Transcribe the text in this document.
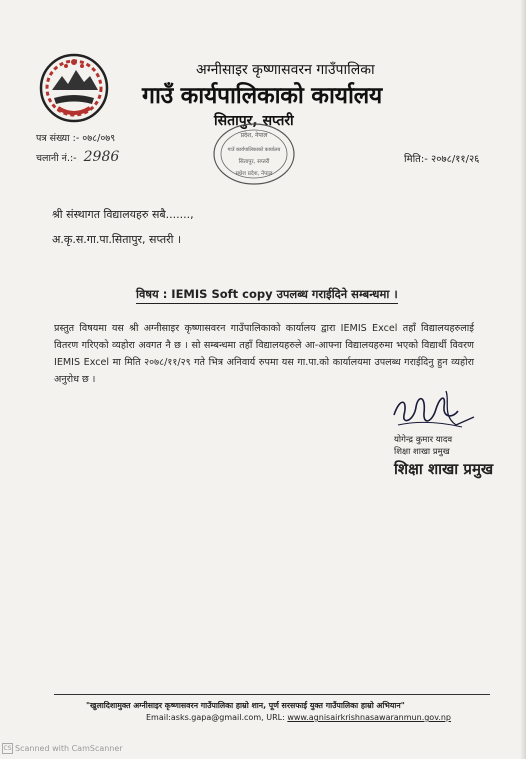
अग्नीसाइर कृष्णासवरन गाउँपालिका
गाउँ कार्यपालिकाको कार्यालय
सितापुर, सप्तरी
प्रदेश, नेपाल
गाउँ कार्यपालिकाको कार्यालय
सितापुर, सप्तरी
मधेश प्रदेश, नेपाल
पत्र संख्या :- ०७८/०७९
चलानी नं.:- 2986	मिति:- २०७८/११/२६
श्री संस्थागत विद्यालयहरु सबै.......,
अ.कृ.स.गा.पा.सितापुर, सप्तरी ।
विषय : IEMIS Soft copy उपलब्ध गराईदिने सम्बन्धमा ।
प्रस्तुत विषयमा यस श्री अग्नीसाइर कृष्णासवरन गाउँपालिकाको कार्यालय द्वारा IEMIS Excel तहाँ विद्यालयहरुलाई वितरण गरिएको व्यहोरा अवगत नै छ । सो सम्बन्धमा तहाँ विद्यालयहरुले आ-आफ्ना विद्यालयहरुमा भएको विद्यार्थी विवरण IEMIS Excel मा मिति २०७८/११/२९ गते भित्र अनिवार्य रुपमा यस गा.पा.को कार्यालयमा उपलब्ध गराईदिनु हुन व्यहोरा अनुरोध छ ।
योगेन्द्र कुमार यादव
शिक्षा शाखा प्रमुख
शिक्षा शाखा प्रमुख
"खुलादिशामुक्त अग्नीसाइर कृष्णासवरन गाउँपालिका हाम्रो शान, पूर्ण सरसफाई युक्त गाउँपालिका हाम्रो अभियान"
Email:asks.gapa@gmail.com, URL: www.agnisairkrishnasawaranmun.gov.np
CS Scanned with CamScanner
